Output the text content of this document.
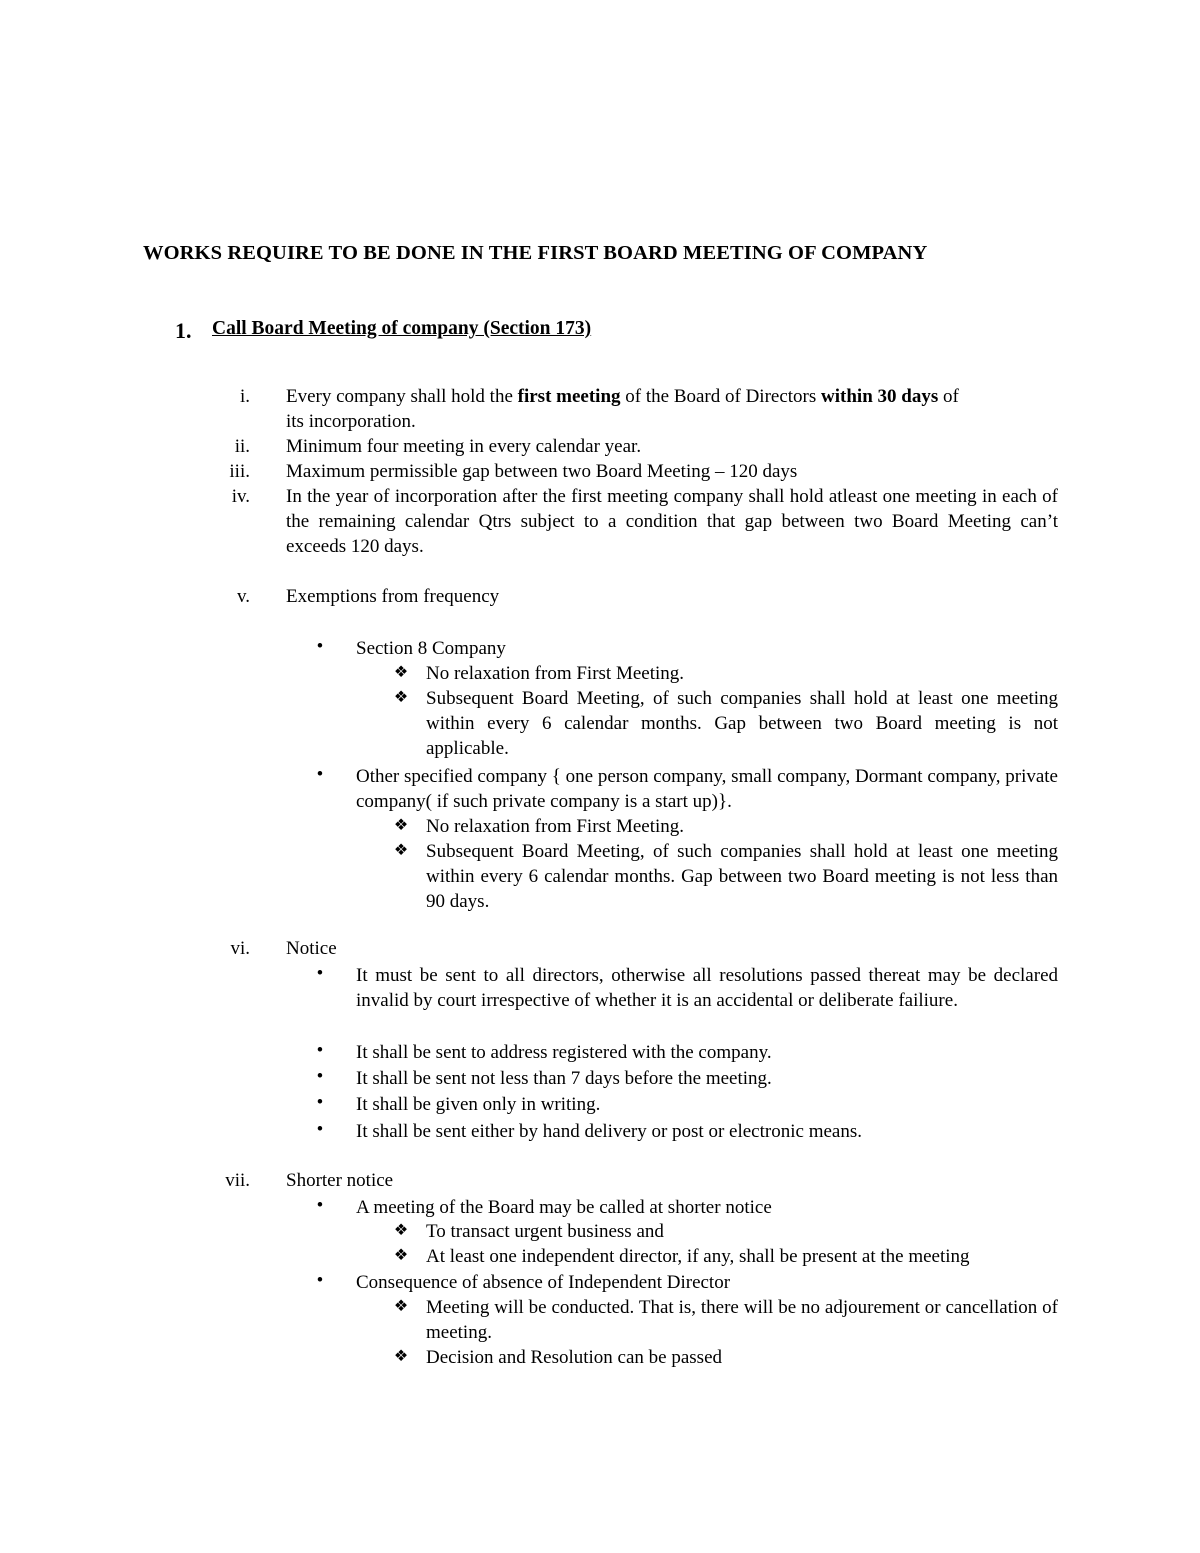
WORKS REQUIRE TO BE DONE IN THE FIRST BOARD MEETING OF COMPANY
1. Call Board Meeting of company (Section 173)
i. Every company shall hold the first meeting of the Board of Directors within 30 days of
its incorporation.
ii. Minimum four meeting in every calendar year.
iii. Maximum permissible gap between two Board Meeting – 120 days
iv. In the year of incorporation after the first meeting company shall hold atleast one meeting in each of the remaining calendar Qtrs subject to a condition that gap between two Board Meeting can’t exceeds 120 days.
v. Exemptions from frequency
•	Section 8 Company
❖ No relaxation from First Meeting.
❖ Subsequent Board Meeting, of such companies shall hold at least one meeting within every 6 calendar months. Gap between two Board meeting is not applicable.
•	Other specified company { one person company, small company, Dormant company, private company( if such private company is a start up)}.
❖ No relaxation from First Meeting.
❖ Subsequent Board Meeting, of such companies shall hold at least one meeting within every 6 calendar months. Gap between two Board meeting is not less than 90 days.
vi. Notice
•	It must be sent to all directors, otherwise all resolutions passed thereat may be declared invalid by court irrespective of whether it is an accidental or deliberate failiure.
•	It shall be sent to address registered with the company.
•	It shall be sent not less than 7 days before the meeting.
•	It shall be given only in writing.
•	It shall be sent either by hand delivery or post or electronic means.
vii. Shorter notice
•	A meeting of the Board may be called at shorter notice
❖ To transact urgent business and
❖ At least one independent director, if any, shall be present at the meeting
•	Consequence of absence of Independent Director
❖ Meeting will be conducted. That is, there will be no adjourement or cancellation of meeting.
❖ Decision and Resolution can be passed
